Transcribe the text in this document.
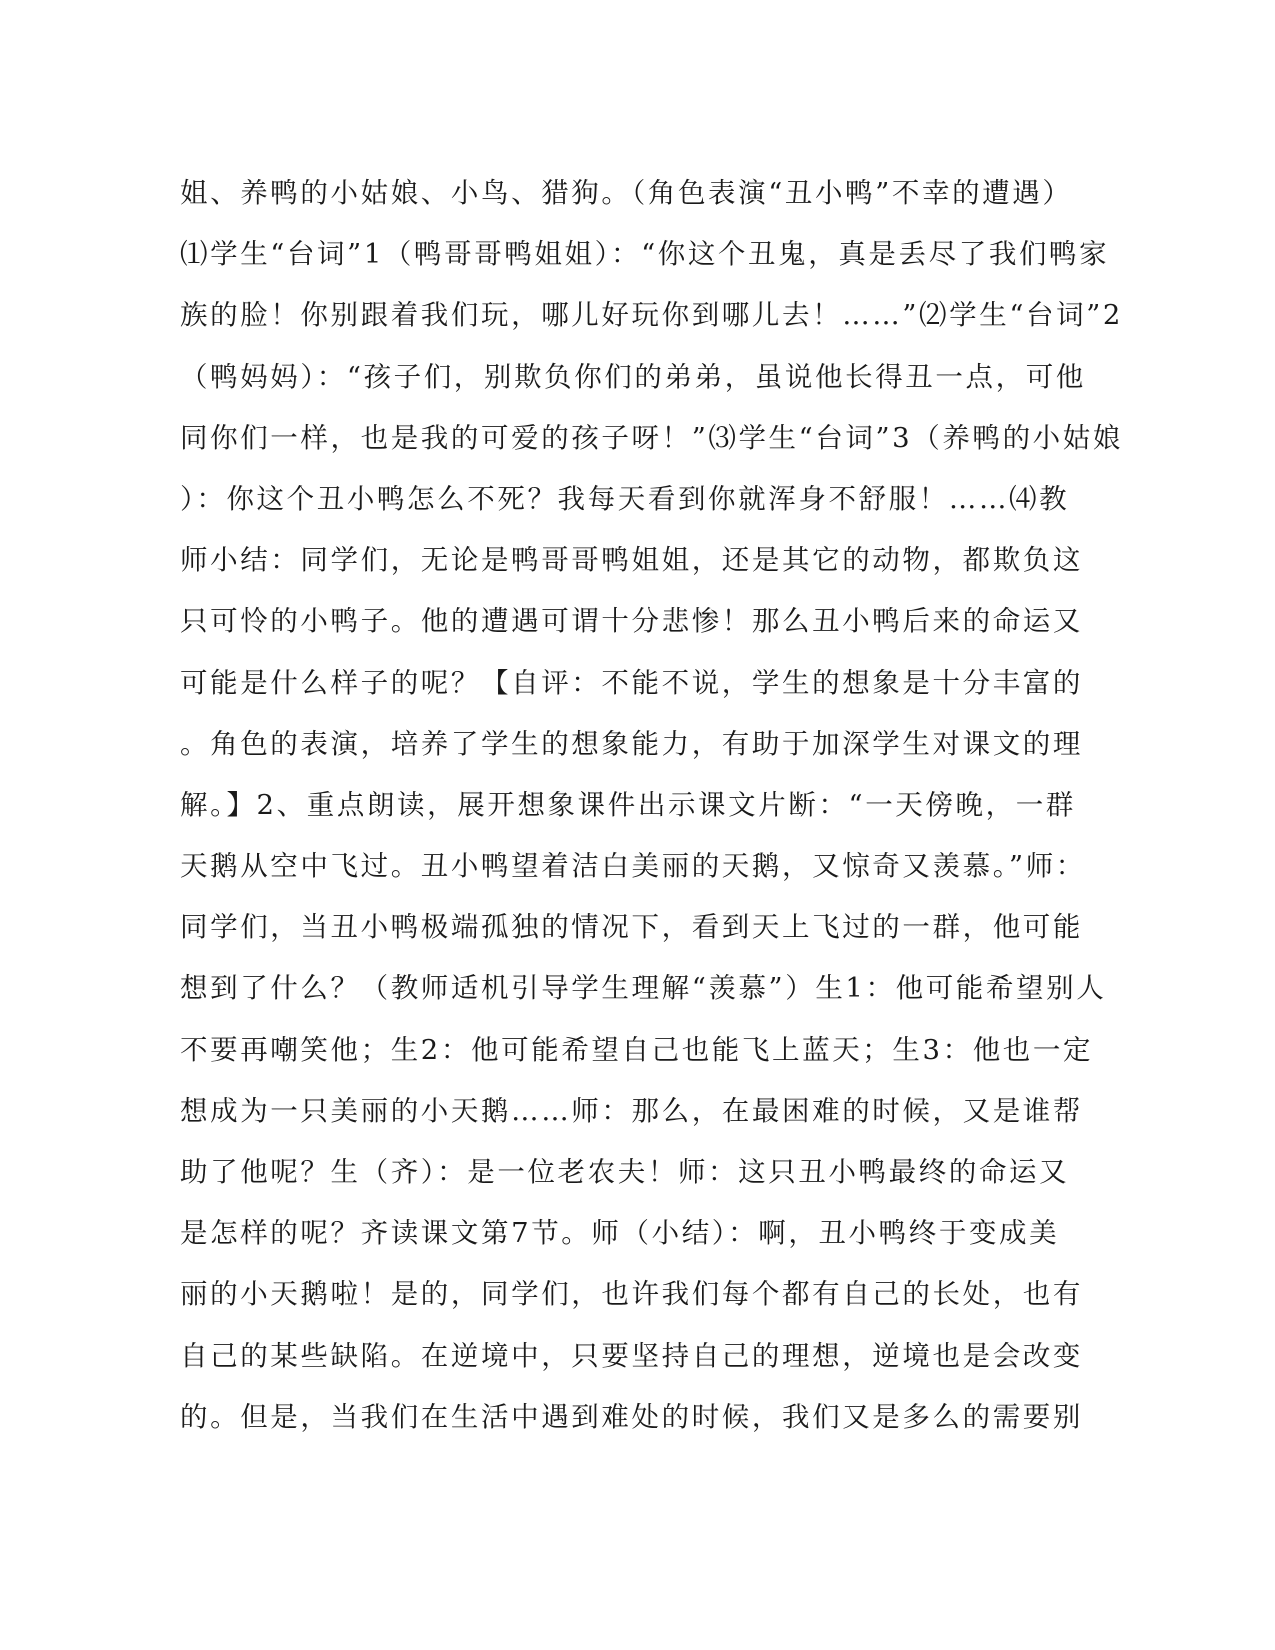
姐、养鸭的小姑娘、小鸟、猎狗。（角色表演“丑小鸭”不幸的遭遇）
⑴学生“台词”1（鸭哥哥鸭姐姐）：“你这个丑鬼，真是丢尽了我们鸭家
族的脸！你别跟着我们玩，哪儿好玩你到哪儿去！……”⑵学生“台词”2
（鸭妈妈）：“孩子们，别欺负你们的弟弟，虽说他长得丑一点，可他
同你们一样，也是我的可爱的孩子呀！”⑶学生“台词”3（养鸭的小姑娘
）：你这个丑小鸭怎么不死？我每天看到你就浑身不舒服！……⑷教
师小结：同学们，无论是鸭哥哥鸭姐姐，还是其它的动物，都欺负这
只可怜的小鸭子。他的遭遇可谓十分悲惨！那么丑小鸭后来的命运又
可能是什么样子的呢？【自评：不能不说，学生的想象是十分丰富的
。角色的表演，培养了学生的想象能力，有助于加深学生对课文的理
解。】2、重点朗读，展开想象课件出示课文片断：“一天傍晚，一群
天鹅从空中飞过。丑小鸭望着洁白美丽的天鹅，又惊奇又羡慕。”师：
同学们，当丑小鸭极端孤独的情况下，看到天上飞过的一群，他可能
想到了什么？（教师适机引导学生理解“羡慕”）生1：他可能希望别人
不要再嘲笑他；生2：他可能希望自己也能飞上蓝天；生3：他也一定
想成为一只美丽的小天鹅……师：那么，在最困难的时候，又是谁帮
助了他呢？生（齐）：是一位老农夫！师：这只丑小鸭最终的命运又
是怎样的呢？齐读课文第7节。师（小结）：啊，丑小鸭终于变成美
丽的小天鹅啦！是的，同学们，也许我们每个都有自己的长处，也有
自己的某些缺陷。在逆境中，只要坚持自己的理想，逆境也是会改变
的。但是，当我们在生活中遇到难处的时候，我们又是多么的需要别
